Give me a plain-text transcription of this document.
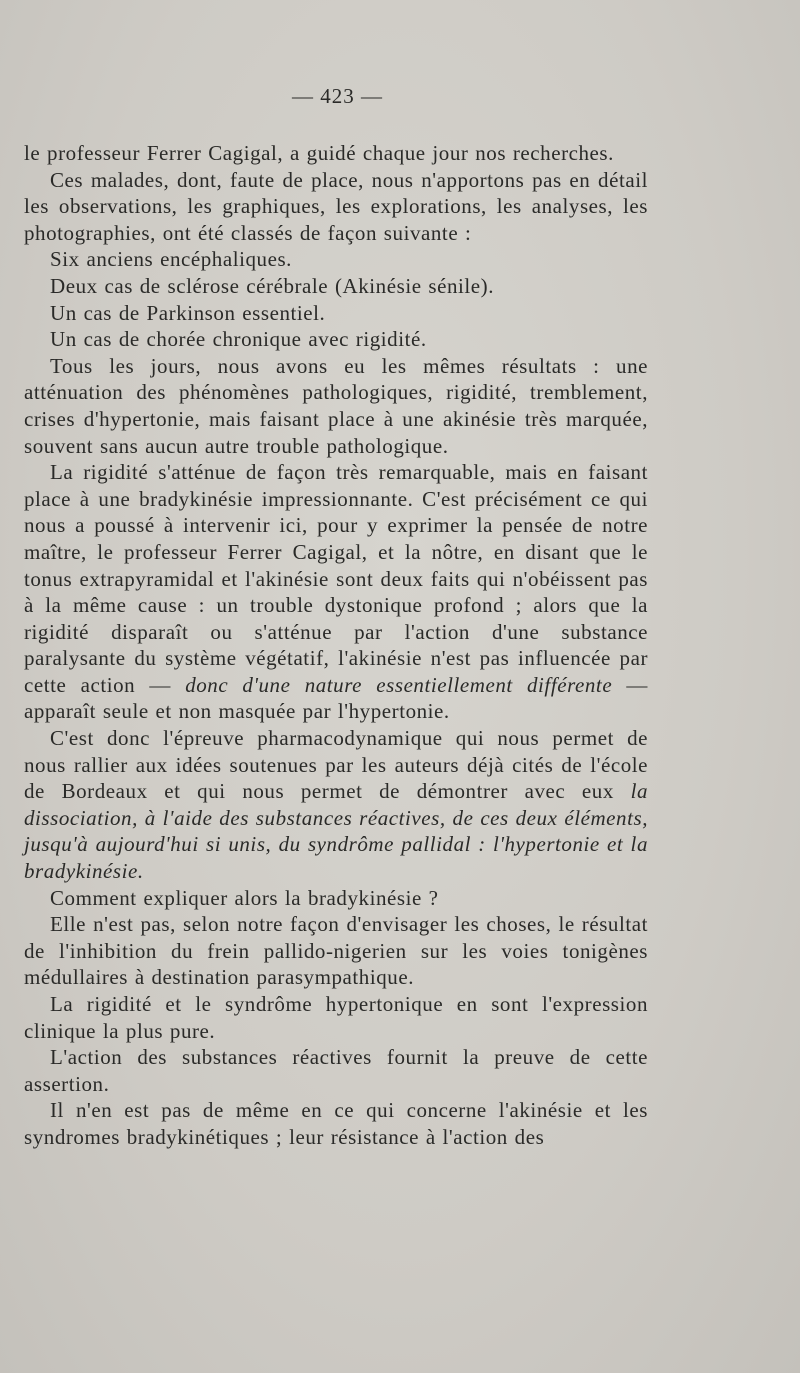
— 423 —

le professeur Ferrer Cagigal, a guidé chaque jour nos recherches.

Ces malades, dont, faute de place, nous n'apportons pas en détail les observations, les graphiques, les explorations, les analyses, les photographies, ont été classés de façon suivante :

Six anciens encéphaliques.

Deux cas de sclérose cérébrale (Akinésie sénile).

Un cas de Parkinson essentiel.

Un cas de chorée chronique avec rigidité.

Tous les jours, nous avons eu les mêmes résultats : une atténuation des phénomènes pathologiques, rigidité, tremblement, crises d'hypertonie, mais faisant place à une akinésie très marquée, souvent sans aucun autre trouble pathologique.

La rigidité s'atténue de façon très remarquable, mais en faisant place à une bradykinésie impressionnante. C'est précisément ce qui nous a poussé à intervenir ici, pour y exprimer la pensée de notre maître, le professeur Ferrer Cagigal, et la nôtre, en disant que le tonus extrapyramidal et l'akinésie sont deux faits qui n'obéissent pas à la même cause : un trouble dystonique profond ; alors que la rigidité disparaît ou s'atténue par l'action d'une substance paralysante du système végétatif, l'akinésie n'est pas influencée par cette action — donc d'une nature essentiellement différente — apparaît seule et non masquée par l'hypertonie.

C'est donc l'épreuve pharmacodynamique qui nous permet de nous rallier aux idées soutenues par les auteurs déjà cités de l'école de Bordeaux et qui nous permet de démontrer avec eux la dissociation, à l'aide des substances réactives, de ces deux éléments, jusqu'à aujourd'hui si unis, du syndrôme pallidal : l'hypertonie et la bradykinésie.

Comment expliquer alors la bradykinésie ?

Elle n'est pas, selon notre façon d'envisager les choses, le résultat de l'inhibition du frein pallido-nigerien sur les voies tonigènes médullaires à destination parasympathique.

La rigidité et le syndrôme hypertonique en sont l'expression clinique la plus pure.

L'action des substances réactives fournit la preuve de cette assertion.

Il n'en est pas de même en ce qui concerne l'akinésie et les syndromes bradykinétiques ; leur résistance à l'action des
